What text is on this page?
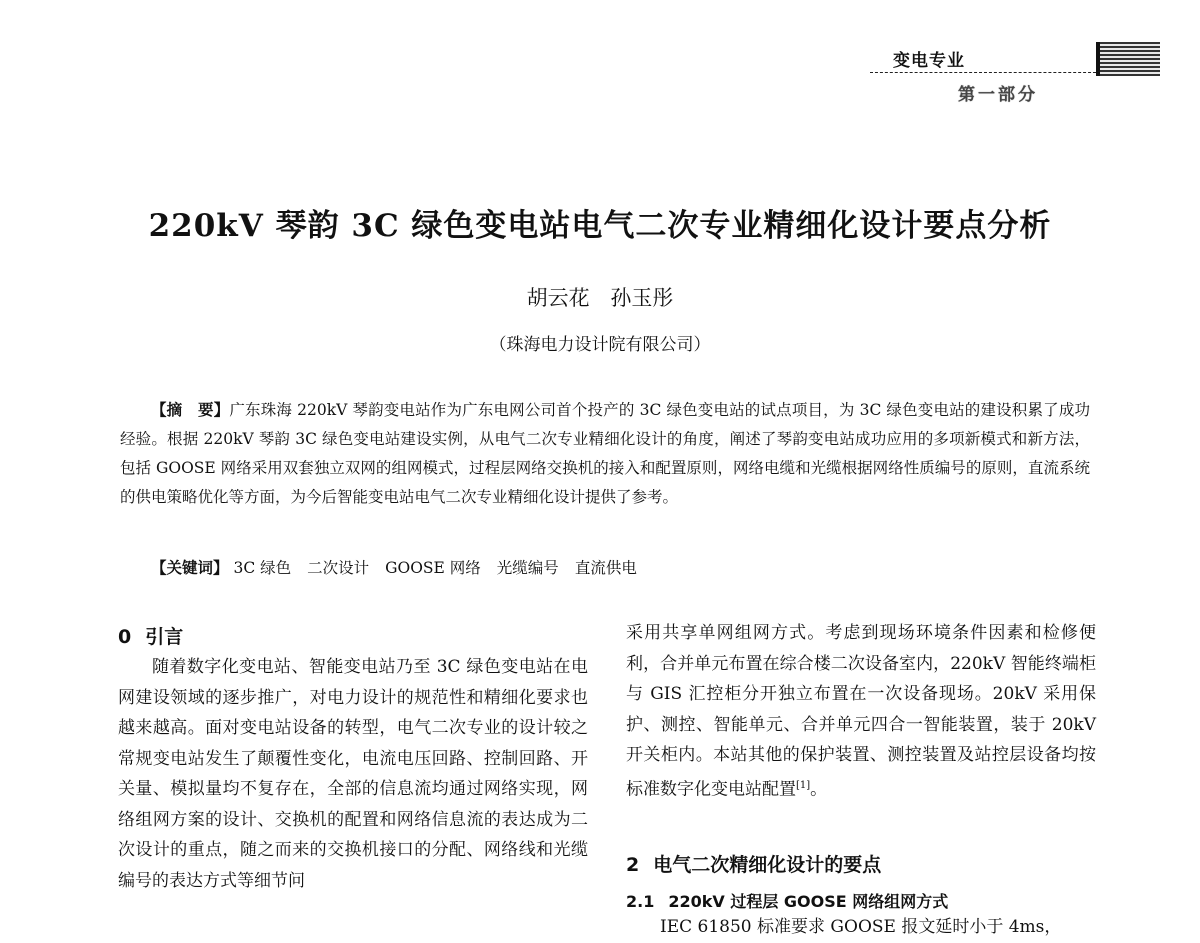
变电专业
第一部分
220kV 琴韵 3C 绿色变电站电气二次专业精细化设计要点分析
胡云花 孙玉彤
（珠海电力设计院有限公司）

【摘　要】广东珠海 220kV 琴韵变电站作为广东电网公司首个投产的 3C 绿色变电站的试点项目，为 3C 绿色变电站的建设积累了成功经验。根据 220kV 琴韵 3C 绿色变电站建设实例，从电气二次专业精细化设计的角度，阐述了琴韵变电站成功应用的多项新模式和新方法，包括 GOOSE 网络采用双套独立双网的组网模式，过程层网络交换机的接入和配置原则，网络电缆和光缆根据网络性质编号的原则，直流系统的供电策略优化等方面，为今后智能变电站电气二次专业精细化设计提供了参考。

【关键词】 3C 绿色 二次设计 GOOSE 网络 光缆编号 直流供电

0 引言

随着数字化变电站、智能变电站乃至 3C 绿色变电站在电网建设领域的逐步推广，对电力设计的规范性和精细化要求也越来越高。面对变电站设备的转型，电气二次专业的设计较之常规变电站发生了颠覆性变化，电流电压回路、控制回路、开关量、模拟量均不复存在，全部的信息流均通过网络实现，网络组网方案的设计、交换机的配置和网络信息流的表达成为二次设计的重点，随之而来的交换机接口的分配、网络线和光缆编号的表达方式等细节问

采用共享单网组网方式。考虑到现场环境条件因素和检修便利，合并单元布置在综合楼二次设备室内，220kV 智能终端柜与 GIS 汇控柜分开独立布置在一次设备现场。20kV 采用保护、测控、智能单元、合并单元四合一智能装置，装于 20kV 开关柜内。本站其他的保护装置、测控装置及站控层设备均按标准数字化变电站配置[1]。

2 电气二次精细化设计的要点
2.1 220kV 过程层 GOOSE 网络组网方式

IEC 61850 标准要求 GOOSE 报文延时小于 4ms，
